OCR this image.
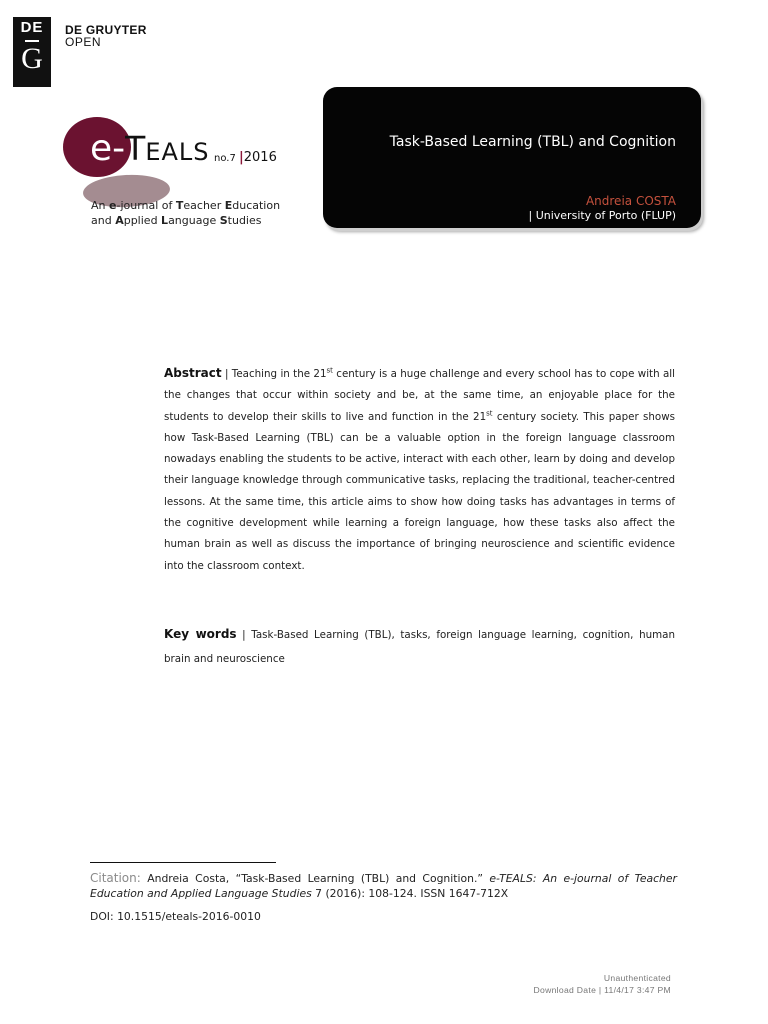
DE
G
DE GRUYTER
OPEN
e-TEALS no.7 |2016
An e-journal of Teacher Education
and Applied Language Studies
Task-Based Learning (TBL) and Cognition
Andreia COSTA
| University of Porto (FLUP)
Abstract | Teaching in the 21st century is a huge challenge and every school has to cope with all the changes that occur within society and be, at the same time, an enjoyable place for the students to develop their skills to live and function in the 21st century society. This paper shows how Task-Based Learning (TBL) can be a valuable option in the foreign language classroom nowadays enabling the students to be active, interact with each other, learn by doing and develop their language knowledge through communicative tasks, replacing the traditional, teacher-centred lessons. At the same time, this article aims to show how doing tasks has advantages in terms of the cognitive development while learning a foreign language, how these tasks also affect the human brain as well as discuss the importance of bringing neuroscience and scientific evidence into the classroom context.
Key words | Task-Based Learning (TBL), tasks, foreign language learning, cognition, human brain and neuroscience
Citation: Andreia Costa, “Task-Based Learning (TBL) and Cognition.” e-TEALS: An e-journal of Teacher Education and Applied Language Studies 7 (2016): 108-124. ISSN 1647-712X
DOI: 10.1515/eteals-2016-0010
Unauthenticated
Download Date | 11/4/17 3:47 PM
